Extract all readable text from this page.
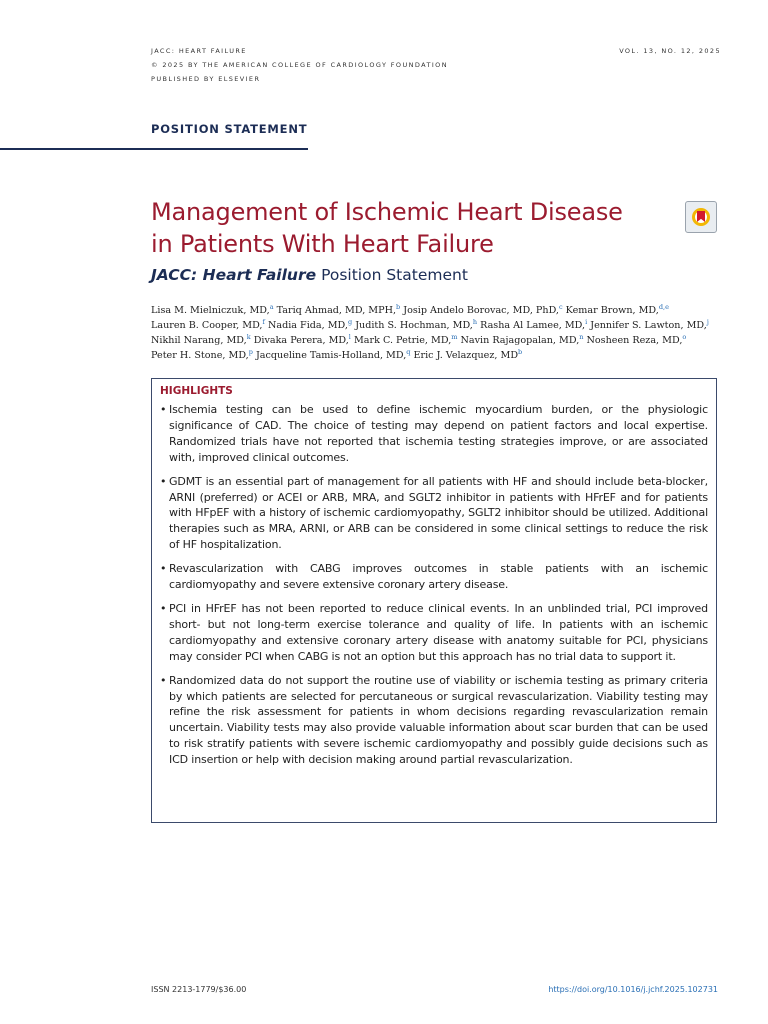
JACC: HEART FAILURE	VOL. 13, NO. 12, 2025
© 2025 BY THE AMERICAN COLLEGE OF CARDIOLOGY FOUNDATION
PUBLISHED BY ELSEVIER
POSITION STATEMENT
Management of Ischemic Heart Disease
in Patients With Heart Failure
JACC: Heart Failure Position Statement
Lisa M. Mielniczuk, MD,$^a$ Tariq Ahmad, MD, MPH,$^b$ Josip Andelo Borovac, MD, PhD,$^c$ Kemar Brown, MD,$^{d,e}$
Lauren B. Cooper, MD,$^f$ Nadia Fida, MD,$^g$ Judith S. Hochman, MD,$^h$ Rasha Al Lamee, MD,$^i$ Jennifer S. Lawton, MD,$^j$
Nikhil Narang, MD,$^k$ Divaka Perera, MD,$^l$ Mark C. Petrie, MD,$^m$ Navin Rajagopalan, MD,$^n$ Nosheen Reza, MD,$^o$
Peter H. Stone, MD,$^p$ Jacqueline Tamis-Holland, MD,$^q$ Eric J. Velazquez, $MD^b$
HIGHLIGHTS
• Ischemia testing can be used to define ischemic myocardium burden, or the physiologic significance of CAD. The choice of testing may depend on patient factors and local expertise. Randomized trials have not reported that ischemia testing strategies improve, or are associated with, improved clinical outcomes.
• GDMT is an essential part of management for all patients with HF and should include beta-blocker, ARNI (preferred) or ACEI or ARB, MRA, and SGLT2 inhibitor in patients with HFrEF and for patients with HFpEF with a history of ischemic cardiomyopathy, SGLT2 inhibitor should be utilized. Additional therapies such as MRA, ARNI, or ARB can be considered in some clinical settings to reduce the risk of HF hospitalization.
• Revascularization with CABG improves outcomes in stable patients with an ischemic cardiomyopathy and severe extensive coronary artery disease.
• PCI in HFrEF has not been reported to reduce clinical events. In an unblinded trial, PCI improved short- but not long-term exercise tolerance and quality of life. In patients with an ischemic cardiomyopathy and extensive coronary artery disease with anatomy suitable for PCI, physicians may consider PCI when CABG is not an option but this approach has no trial data to support it.
• Randomized data do not support the routine use of viability or ischemia testing as primary criteria by which patients are selected for percutaneous or surgical revascularization. Viability testing may refine the risk assessment for patients in whom decisions regarding revascularization remain uncertain. Viability tests may also provide valuable information about scar burden that can be used to risk stratify patients with severe ischemic cardiomyopathy and possibly guide decisions such as ICD insertion or help with decision making around partial revascularization.
ISSN 2213-1779/$36.00	https://doi.org/10.1016/j.jchf.2025.102731
